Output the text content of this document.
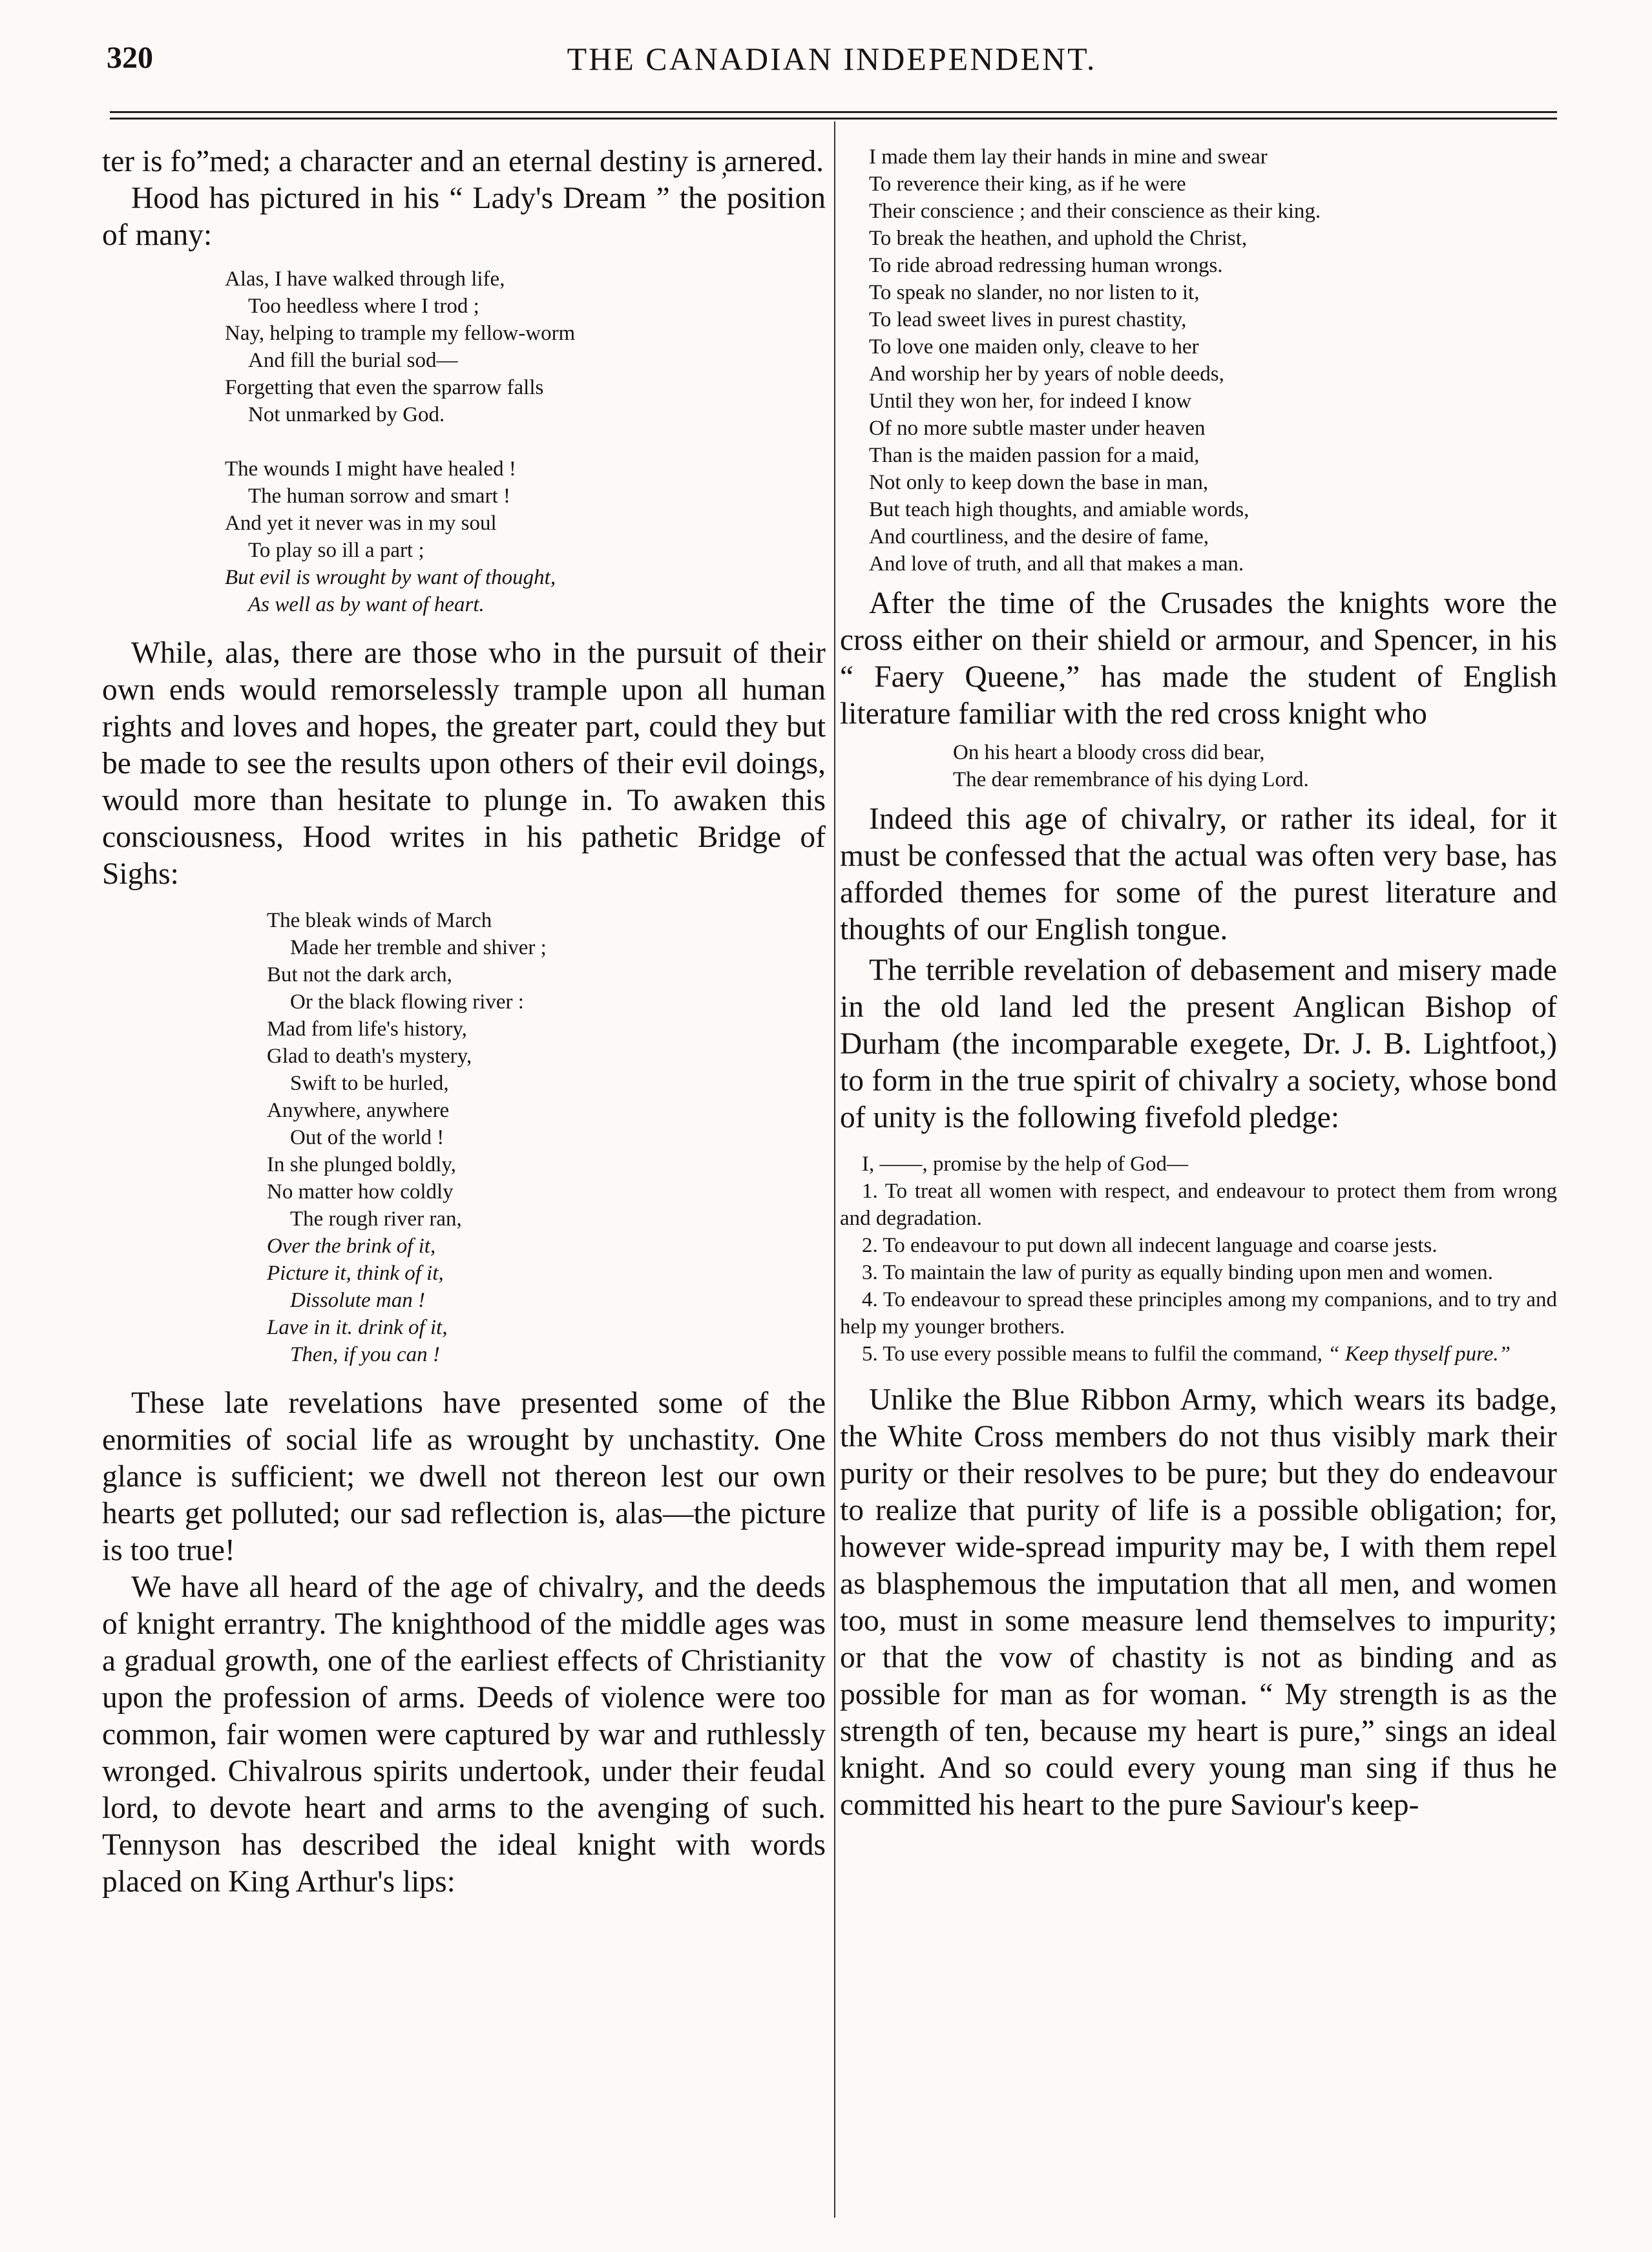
320	THE CANADIAN INDEPENDENT.

ter is fo”med; a character and an eternal destiny is ̦arnered.

Hood has pictured in his “ Lady's Dream ” the position of many:

Alas, I have walked through life,
Too heedless where I trod ;
Nay, helping to trample my fellow-worm
And fill the burial sod—
Forgetting that even the sparrow falls
Not unmarked by God.
The wounds I might have healed !
The human sorrow and smart !
And yet it never was in my soul
To play so ill a part ;
But evil is wrought by want of thought,
As well as by want of heart.

While, alas, there are those who in the pursuit of their own ends would remorselessly trample upon all human rights and loves and hopes, the greater part, could they but be made to see the results upon others of their evil doings, would more than hesitate to plunge in. To awaken this consciousness, Hood writes in his pathetic Bridge of Sighs:

The bleak winds of March
Made her tremble and shiver ;
But not the dark arch,
Or the black flowing river :
Mad from life's history,
Glad to death's mystery,
Swift to be hurled,
Anywhere, anywhere
Out of the world !
In she plunged boldly,
No matter how coldly
The rough river ran,
Over the brink of it,
Picture it, think of it,
Dissolute man !
Lave in it. drink of it,
Then, if you can !

These late revelations have presented some of the enormities of social life as wrought by unchastity. One glance is sufficient; we dwell not thereon lest our own hearts get polluted; our sad reflection is, alas—the picture is too true!

We have all heard of the age of chivalry, and the deeds of knight errantry. The knighthood of the middle ages was a gradual growth, one of the earliest effects of Christianity upon the profession of arms. Deeds of violence were too common, fair women were captured by war and ruthlessly wronged. Chivalrous spirits undertook, under their feudal lord, to devote heart and arms to the avenging of such. Tennyson has described the ideal knight with words placed on King Arthur's lips:

I made them lay their hands in mine and swear
To reverence their king, as if he were
Their conscience ; and their conscience as their king.
To break the heathen, and uphold the Christ,
To ride abroad redressing human wrongs.
To speak no slander, no nor listen to it,
To lead sweet lives in purest chastity,
To love one maiden only, cleave to her
And worship her by years of noble deeds,
Until they won her, for indeed I know
Of no more subtle master under heaven
Than is the maiden passion for a maid,
Not only to keep down the base in man,
But teach high thoughts, and amiable words,
And courtliness, and the desire of fame,
And love of truth, and all that makes a man.

After the time of the Crusades the knights wore the cross either on their shield or armour, and Spencer, in his “ Faery Queene,” has made the student of English literature familiar with the red cross knight who

On his heart a bloody cross did bear,
The dear remembrance of his dying Lord.

Indeed this age of chivalry, or rather its ideal, for it must be confessed that the actual was often very base, has afforded themes for some of the purest literature and thoughts of our English tongue.

The terrible revelation of debasement and misery made in the old land led the present Anglican Bishop of Durham (the incomparable exegete, Dr. J. B. Lightfoot,) to form in the true spirit of chivalry a society, whose bond of unity is the following fivefold pledge:

I, ——, promise by the help of God—
1. To treat all women with respect, and endeavour to protect them from wrong and degradation.
2. To endeavour to put down all indecent language and coarse jests.
3. To maintain the law of purity as equally binding upon men and women.
4. To endeavour to spread these principles among my companions, and to try and help my younger brothers.
5. To use every possible means to fulfil the command, “ Keep thyself pure.”

Unlike the Blue Ribbon Army, which wears its badge, the White Cross members do not thus visibly mark their purity or their resolves to be pure; but they do endeavour to realize that purity of life is a possible obligation; for, however wide-spread impurity may be, I with them repel as blasphemous the imputation that all men, and women too, must in some measure lend themselves to impurity; or that the vow of chastity is not as binding and as possible for man as for woman. “ My strength is as the strength of ten, because my heart is pure,” sings an ideal knight. And so could every young man sing if thus he committed his heart to the pure Saviour's keep-
